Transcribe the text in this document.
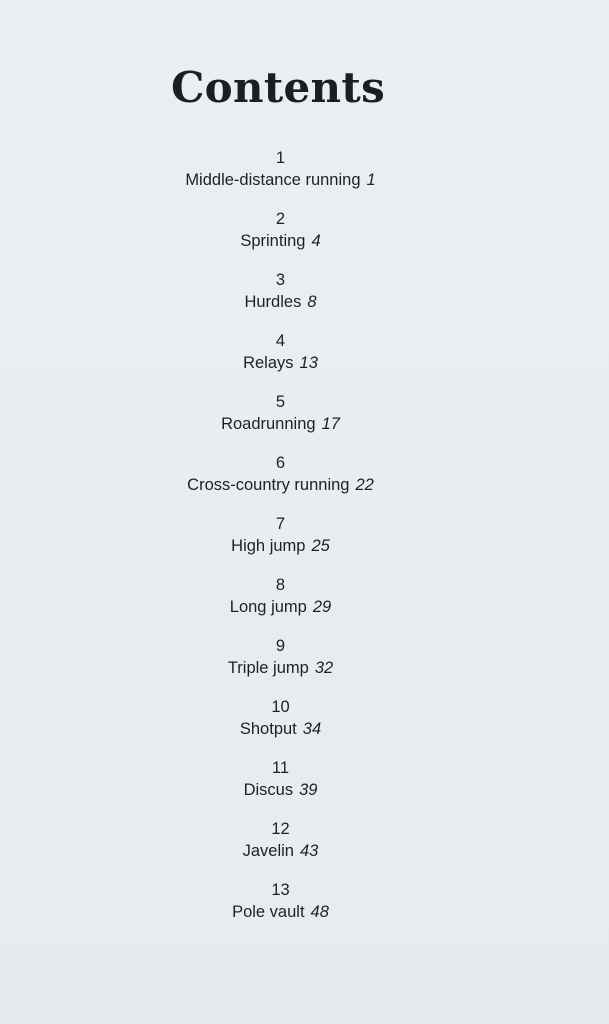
Contents
1
Middle-distance running 1
2
Sprinting 4
3
Hurdles 8
4
Relays 13
5
Roadrunning 17
6
Cross-country running 22
7
High jump 25
8
Long jump 29
9
Triple jump 32
10
Shotput 34
11
Discus 39
12
Javelin 43
13
Pole vault 48
